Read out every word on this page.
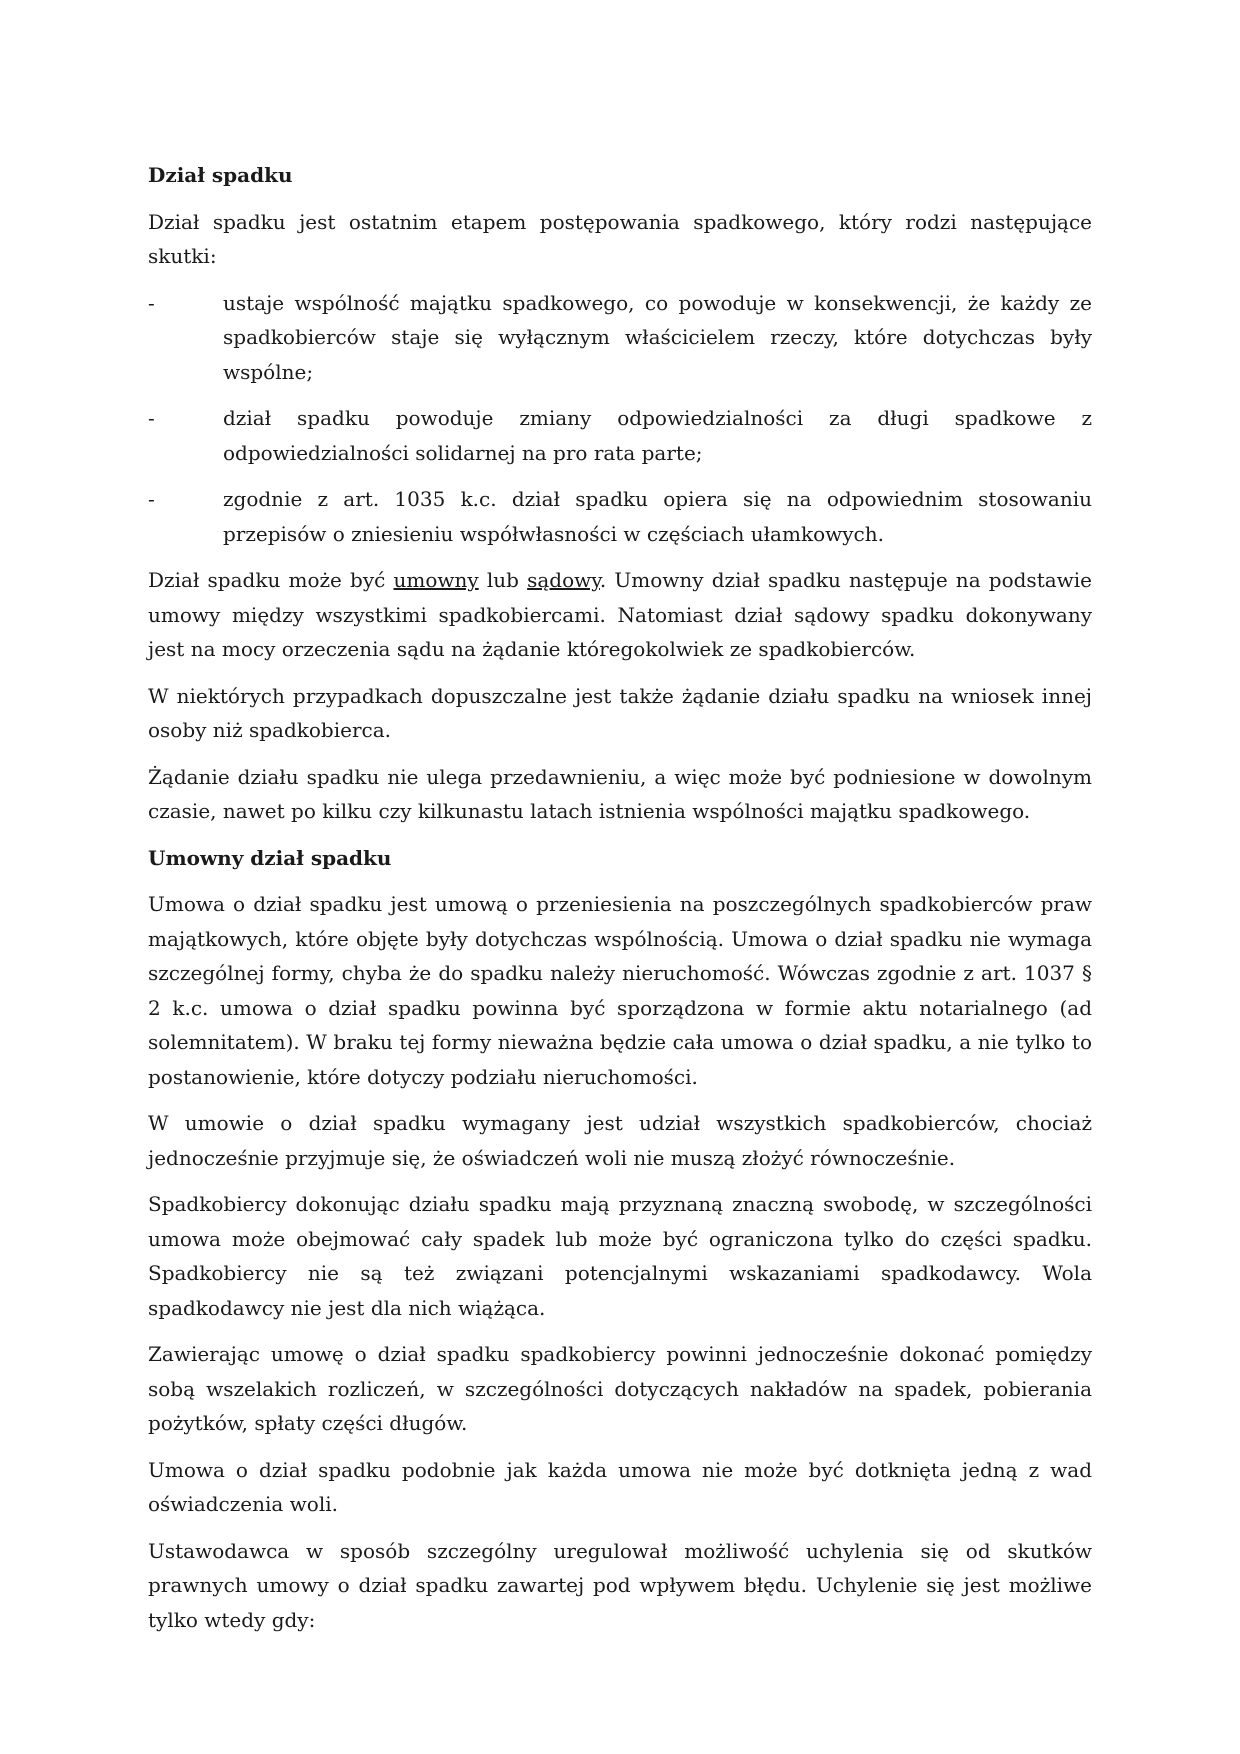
Dział spadku

Dział spadku jest ostatnim etapem postępowania spadkowego, który rodzi następujące skutki:

-	ustaje wspólność majątku spadkowego, co powoduje w konsekwencji, że każdy ze spadkobierców staje się wyłącznym właścicielem rzeczy, które dotychczas były wspólne;
-	dział spadku powoduje zmiany odpowiedzialności za długi spadkowe z odpowiedzialności solidarnej na pro rata parte;
-	zgodnie z art. 1035 k.c. dział spadku opiera się na odpowiednim stosowaniu przepisów o zniesieniu współwłasności w częściach ułamkowych.

Dział spadku może być umowny lub sądowy. Umowny dział spadku następuje na podstawie umowy między wszystkimi spadkobiercami. Natomiast dział sądowy spadku dokonywany jest na mocy orzeczenia sądu na żądanie któregokolwiek ze spadkobierców.

W niektórych przypadkach dopuszczalne jest także żądanie działu spadku na wniosek innej osoby niż spadkobierca.

Żądanie działu spadku nie ulega przedawnieniu, a więc może być podniesione w dowolnym czasie, nawet po kilku czy kilkunastu latach istnienia wspólności majątku spadkowego.

Umowny dział spadku

Umowa o dział spadku jest umową o przeniesienia na poszczególnych spadkobierców praw majątkowych, które objęte były dotychczas wspólnością. Umowa o dział spadku nie wymaga szczególnej formy, chyba że do spadku należy nieruchomość. Wówczas zgodnie z art. 1037 § 2 k.c. umowa o dział spadku powinna być sporządzona w formie aktu notarialnego (ad solemnitatem). W braku tej formy nieważna będzie cała umowa o dział spadku, a nie tylko to postanowienie, które dotyczy podziału nieruchomości.

W umowie o dział spadku wymagany jest udział wszystkich spadkobierców, chociaż jednocześnie przyjmuje się, że oświadczeń woli nie muszą złożyć równocześnie.

Spadkobiercy dokonując działu spadku mają przyznaną znaczną swobodę, w szczególności umowa może obejmować cały spadek lub może być ograniczona tylko do części spadku. Spadkobiercy nie są też związani potencjalnymi wskazaniami spadkodawcy. Wola spadkodawcy nie jest dla nich wiążąca.

Zawierając umowę o dział spadku spadkobiercy powinni jednocześnie dokonać pomiędzy sobą wszelakich rozliczeń, w szczególności dotyczących nakładów na spadek, pobierania pożytków, spłaty części długów.

Umowa o dział spadku podobnie jak każda umowa nie może być dotknięta jedną z wad oświadczenia woli.

Ustawodawca w sposób szczególny uregulował możliwość uchylenia się od skutków prawnych umowy o dział spadku zawartej pod wpływem błędu. Uchylenie się jest możliwe tylko wtedy gdy:
